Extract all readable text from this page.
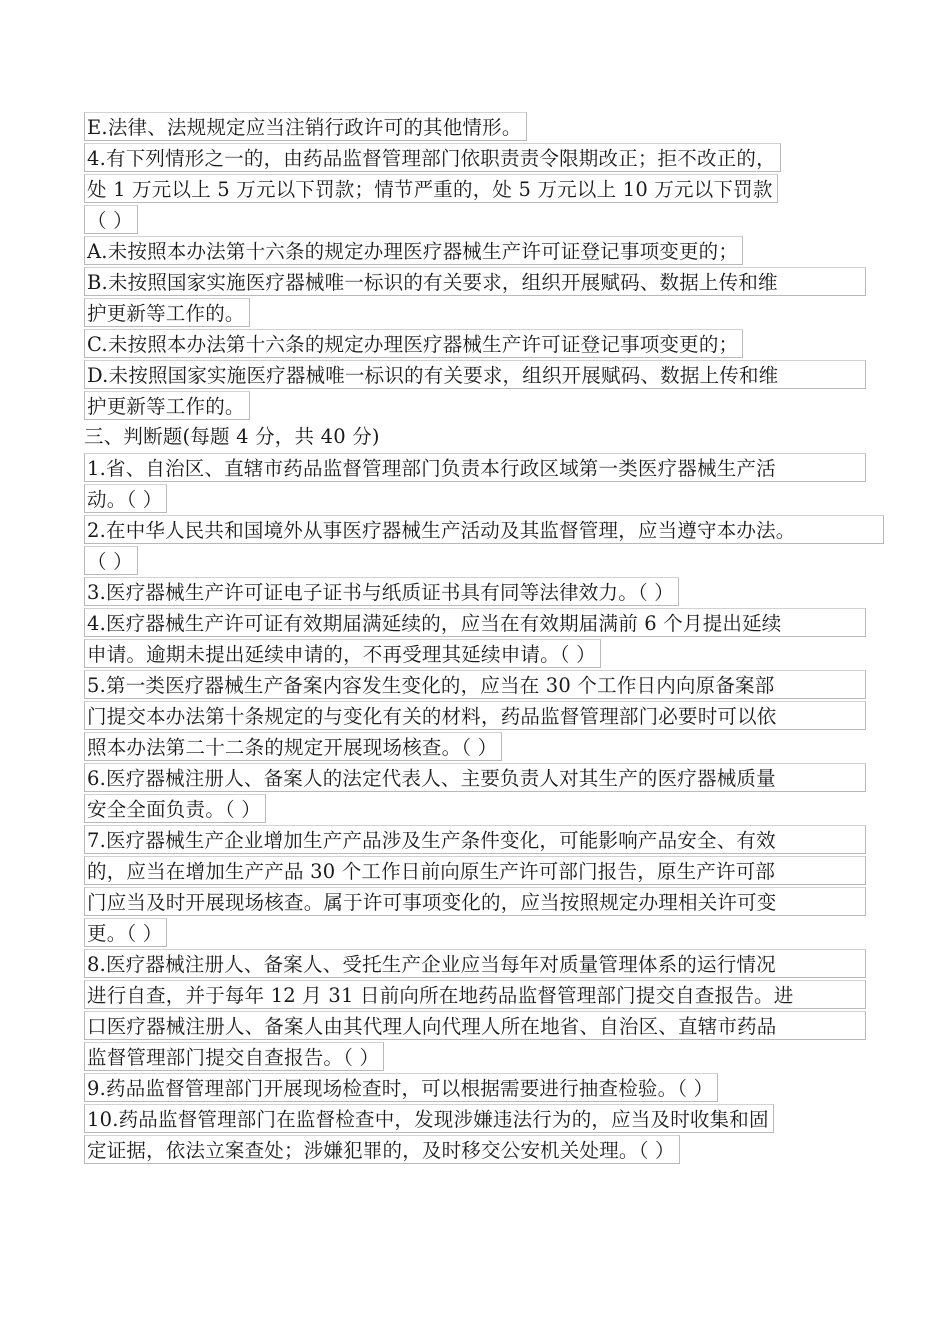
E.法律、法规规定应当注销行政许可的其他情形。
4.有下列情形之一的，由药品监督管理部门依职责责令限期改正；拒不改正的，
处 1 万元以上 5 万元以下罚款；情节严重的，处 5 万元以上 10 万元以下罚款
（ ）
A.未按照本办法第十六条的规定办理医疗器械生产许可证登记事项变更的；
B.未按照国家实施医疗器械唯一标识的有关要求，组织开展赋码、数据上传和维
护更新等工作的。
C.未按照本办法第十六条的规定办理医疗器械生产许可证登记事项变更的；
D.未按照国家实施医疗器械唯一标识的有关要求，组织开展赋码、数据上传和维
护更新等工作的。
三、判断题(每题 4 分，共 40 分)
1.省、自治区、直辖市药品监督管理部门负责本行政区域第一类医疗器械生产活
动。（ ）
2.在中华人民共和国境外从事医疗器械生产活动及其监督管理，应当遵守本办法。
（ ）
3.医疗器械生产许可证电子证书与纸质证书具有同等法律效力。（ ）
4.医疗器械生产许可证有效期届满延续的，应当在有效期届满前 6 个月提出延续
申请。逾期未提出延续申请的，不再受理其延续申请。（ ）
5.第一类医疗器械生产备案内容发生变化的，应当在 30 个工作日内向原备案部
门提交本办法第十条规定的与变化有关的材料，药品监督管理部门必要时可以依
照本办法第二十二条的规定开展现场核查。（ ）
6.医疗器械注册人、备案人的法定代表人、主要负责人对其生产的医疗器械质量
安全全面负责。（ ）
7.医疗器械生产企业增加生产产品涉及生产条件变化，可能影响产品安全、有效
的，应当在增加生产产品 30 个工作日前向原生产许可部门报告，原生产许可部
门应当及时开展现场核查。属于许可事项变化的，应当按照规定办理相关许可变
更。（ ）
8.医疗器械注册人、备案人、受托生产企业应当每年对质量管理体系的运行情况
进行自查，并于每年 12 月 31 日前向所在地药品监督管理部门提交自查报告。进
口医疗器械注册人、备案人由其代理人向代理人所在地省、自治区、直辖市药品
监督管理部门提交自查报告。（ ）
9.药品监督管理部门开展现场检查时，可以根据需要进行抽查检验。（ ）
10.药品监督管理部门在监督检查中，发现涉嫌违法行为的，应当及时收集和固
定证据，依法立案查处；涉嫌犯罪的，及时移交公安机关处理。（ ）
